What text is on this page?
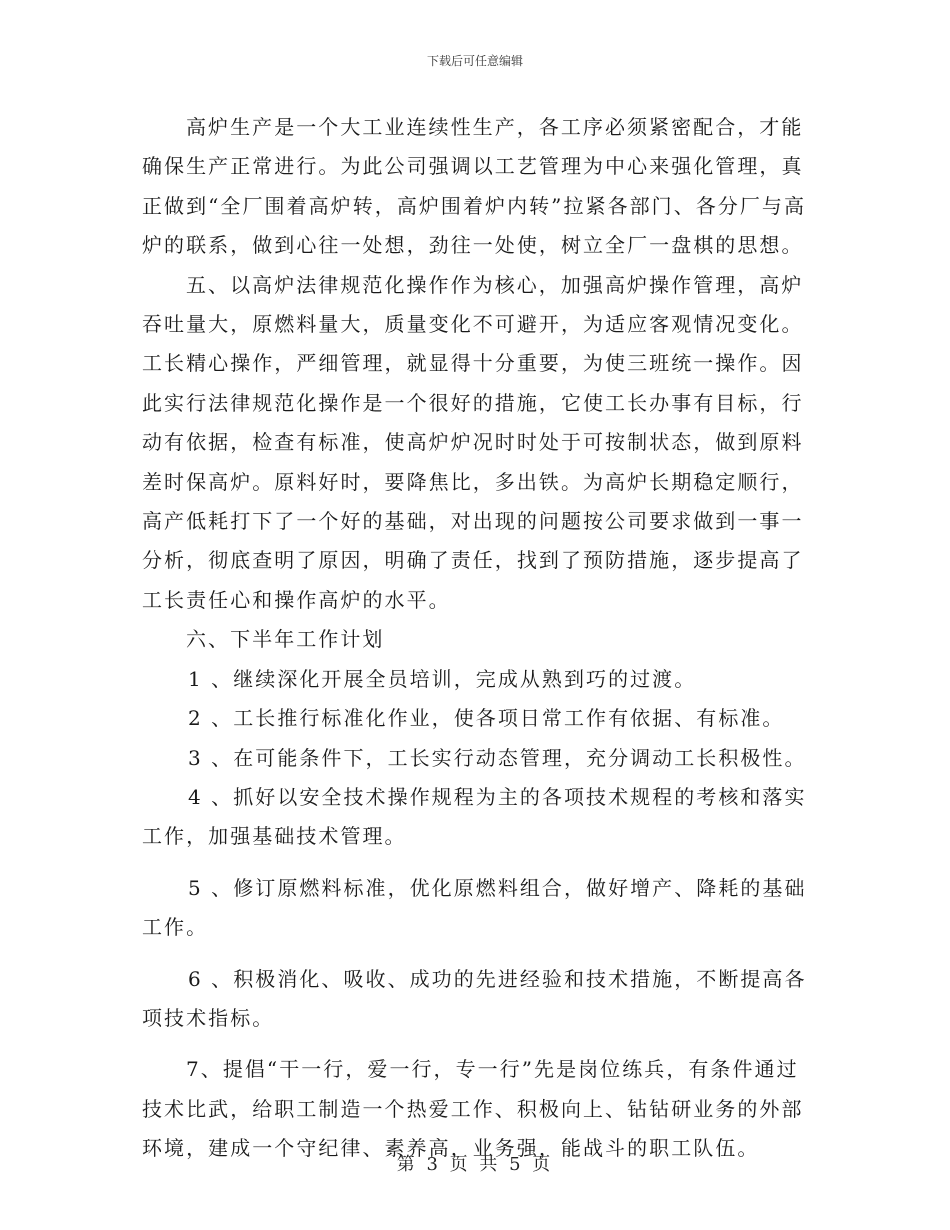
下载后可任意编辑

高炉生产是一个大工业连续性生产，各工序必须紧密配合，才能确保生产正常进行。为此公司强调以工艺管理为中心来强化管理，真正做到“全厂围着高炉转，高炉围着炉内转”拉紧各部门、各分厂与高炉的联系，做到心往一处想，劲往一处使，树立全厂一盘棋的思想。

五、以高炉法律规范化操作作为核心，加强高炉操作管理，高炉吞吐量大，原燃料量大，质量变化不可避开，为适应客观情况变化。工长精心操作，严细管理，就显得十分重要，为使三班统一操作。因此实行法律规范化操作是一个很好的措施，它使工长办事有目标，行动有依据，检查有标准，使高炉炉况时时处于可按制状态，做到原料差时保高炉。原料好时，要降焦比，多出铁。为高炉长期稳定顺行，高产低耗打下了一个好的基础，对出现的问题按公司要求做到一事一分析，彻底查明了原因，明确了责任，找到了预防措施，逐步提高了工长责任心和操作高炉的水平。

六、下半年工作计划

1 、继续深化开展全员培训，完成从熟到巧的过渡。

2 、工长推行标准化作业，使各项日常工作有依据、有标准。

3 、在可能条件下，工长实行动态管理，充分调动工长积极性。

4 、抓好以安全技术操作规程为主的各项技术规程的考核和落实工作，加强基础技术管理。

5 、修订原燃料标准，优化原燃料组合，做好增产、降耗的基础工作。

6 、积极消化、吸收、成功的先进经验和技术措施，不断提高各项技术指标。

7、提倡“干一行，爱一行，专一行”先是岗位练兵，有条件通过技术比武，给职工制造一个热爱工作、积极向上、钻钻研业务的外部环境，建成一个守纪律、素养高，业务强，能战斗的职工队伍。

第 3 页 共 5 页
